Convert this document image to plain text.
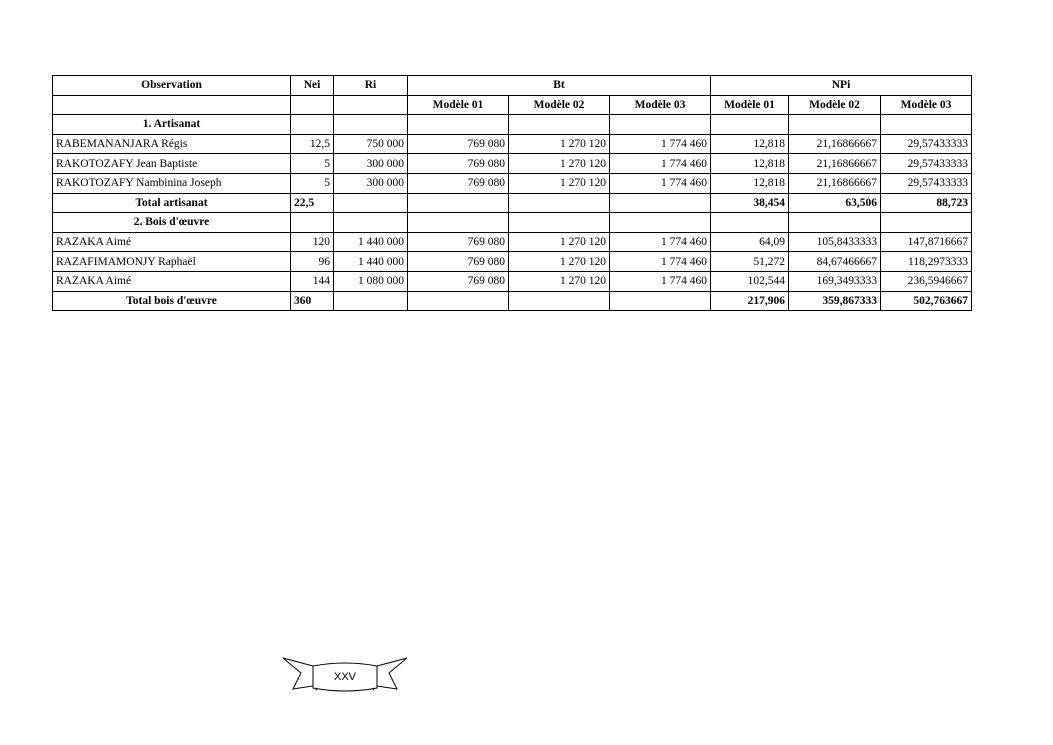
Observation	Nei	Ri	Bt			NPi		
			Modèle 01	Modèle 02	Modèle 03	Modèle 01	Modèle 02	Modèle 03
1. Artisanat								
RABEMANANJARA Régis	12,5	750 000	769 080	1 270 120	1 774 460	12,818	21,16866667	29,57433333
RAKOTOZAFY Jean Baptiste	5	300 000	769 080	1 270 120	1 774 460	12,818	21,16866667	29,57433333
RAKOTOZAFY Nambinina Joseph	5	300 000	769 080	1 270 120	1 774 460	12,818	21,16866667	29,57433333
Total artisanat	22,5					38,454	63,506	88,723
2. Bois d'œuvre								
RAZAKA Aimé	120	1 440 000	769 080	1 270 120	1 774 460	64,09	105,8433333	147,8716667
RAZAFIMAMONJY Raphaël	96	1 440 000	769 080	1 270 120	1 774 460	51,272	84,67466667	118,2973333
RAZAKA Aimé	144	1 080 000	769 080	1 270 120	1 774 460	102,544	169,3493333	236,5946667
Total bois d'œuvre	360					217,906	359,867333	502,763667
XXV
